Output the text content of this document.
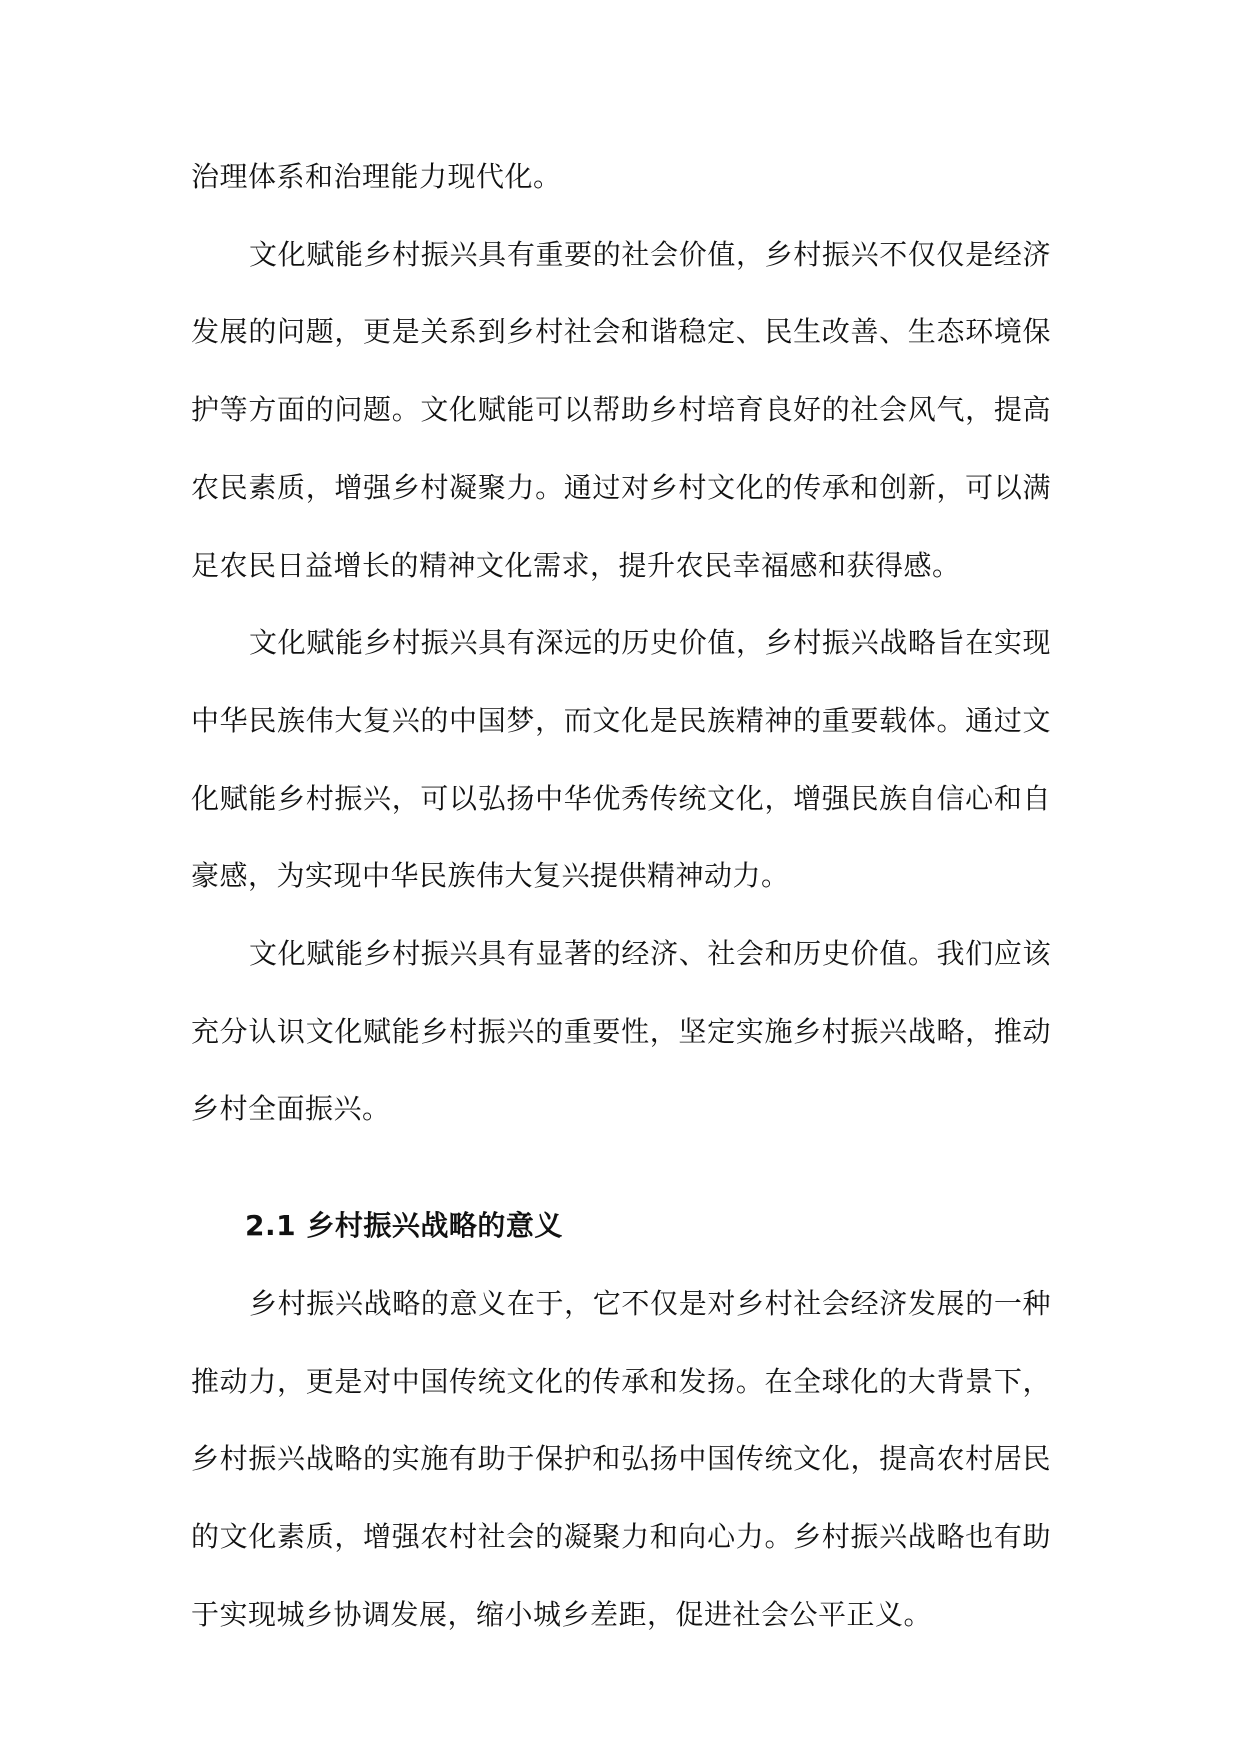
治理体系和治理能力现代化。

文化赋能乡村振兴具有重要的社会价值，乡村振兴不仅仅是经济发展的问题，更是关系到乡村社会和谐稳定、民生改善、生态环境保护等方面的问题。文化赋能可以帮助乡村培育良好的社会风气，提高农民素质，增强乡村凝聚力。通过对乡村文化的传承和创新，可以满足农民日益增长的精神文化需求，提升农民幸福感和获得感。

文化赋能乡村振兴具有深远的历史价值，乡村振兴战略旨在实现中华民族伟大复兴的中国梦，而文化是民族精神的重要载体。通过文化赋能乡村振兴，可以弘扬中华优秀传统文化，增强民族自信心和自豪感，为实现中华民族伟大复兴提供精神动力。

文化赋能乡村振兴具有显著的经济、社会和历史价值。我们应该充分认识文化赋能乡村振兴的重要性，坚定实施乡村振兴战略，推动乡村全面振兴。

2.1 乡村振兴战略的意义

乡村振兴战略的意义在于，它不仅是对乡村社会经济发展的一种推动力，更是对中国传统文化的传承和发扬。在全球化的大背景下，乡村振兴战略的实施有助于保护和弘扬中国传统文化，提高农村居民的文化素质，增强农村社会的凝聚力和向心力。乡村振兴战略也有助于实现城乡协调发展，缩小城乡差距，促进社会公平正义。
